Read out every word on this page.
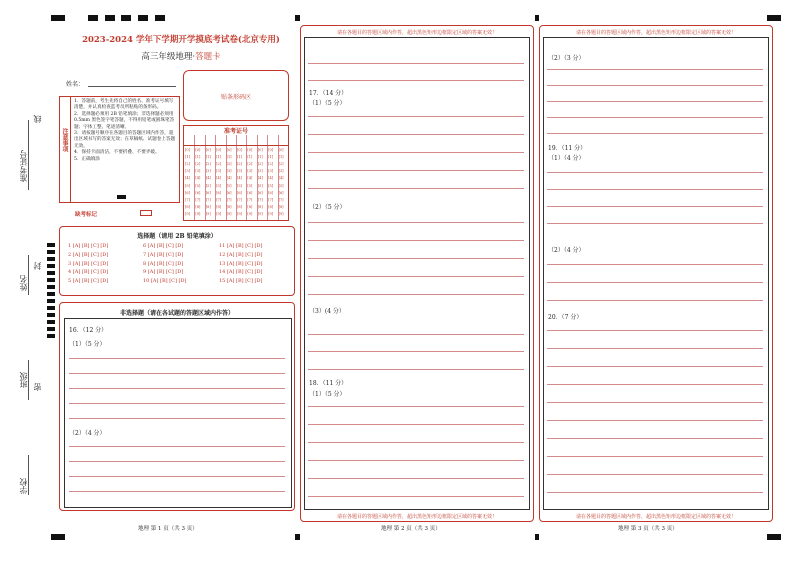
准考证号
姓名
班级
学校
线
封
密
2023-2024 学年下学期开学摸底考试卷(北京专用)
高三年级地理·答题卡
姓名：
贴条形码区
注意事项
1．答题前，考生先将自己的姓名、准考证号填写清楚，并认真检查监考员所粘贴的条形码。
2．选择题必须用 2B 铅笔填涂；非选择题必须用 0.5mm 黑色签字笔答题，不得用铅笔或圆珠笔答题；字体工整、笔迹清晰。
3．请按题号顺序在各题目的答题区域内作答，超出区域书写的答案无效；在草稿纸、试题卷上答题无效。
4．保持卡面清洁，不要折叠、不要弄破。
5．正确填涂
缺考标记
准考证号
[0]
[1]
[2]
[3]
[4]
[5]
[6]
[7]
[8]
[9]
[0]
[1]
[2]
[3]
[4]
[5]
[6]
[7]
[8]
[9]
[0]
[1]
[2]
[3]
[4]
[5]
[6]
[7]
[8]
[9]
[0]
[1]
[2]
[3]
[4]
[5]
[6]
[7]
[8]
[9]
[0]
[1]
[2]
[3]
[4]
[5]
[6]
[7]
[8]
[9]
[0]
[1]
[2]
[3]
[4]
[5]
[6]
[7]
[8]
[9]
[0]
[1]
[2]
[3]
[4]
[5]
[6]
[7]
[8]
[9]
[0]
[1]
[2]
[3]
[4]
[5]
[6]
[7]
[8]
[9]
[0]
[1]
[2]
[3]
[4]
[5]
[6]
[7]
[8]
[9]
[0]
[1]
[2]
[3]
[4]
[5]
[6]
[7]
[8]
[9]
选择题（请用 2B 铅笔填涂）
1 [A] [B] [C] [D]
2 [A] [B] [C] [D]
3 [A] [B] [C] [D]
4 [A] [B] [C] [D]
5 [A] [B] [C] [D]
6 [A] [B] [C] [D]
7 [A] [B] [C] [D]
8 [A] [B] [C] [D]
9 [A] [B] [C] [D]
10 [A] [B] [C] [D]
11 [A] [B] [C] [D]
12 [A] [B] [C] [D]
13 [A] [B] [C] [D]
14 [A] [B] [C] [D]
15 [A] [B] [C] [D]
非选择题（请在各试题的答题区域内作答）
16．（12 分）
（1）（5 分）
（2）（4 分）
地理 第 1 页（共 3 页）
请在各题目的答题区域内作答，超出黑色矩形边框限定区域的答案无效！
请在各题目的答题区域内作答，超出黑色矩形边框限定区域的答案无效！
17．（14 分）
（1）（5 分）
（2）（5 分）
（3）(4 分）
18．（11 分）
（1）（5 分）
地理 第 2 页（共 3 页）
请在各题目的答题区域内作答，超出黑色矩形边框限定区域的答案无效！
请在各题目的答题区域内作答，超出黑色矩形边框限定区域的答案无效！
（2）（3 分）
19．（11 分）
（1）（4 分）
（2）（4 分）
20．（7 分）
地理 第 3 页（共 3 页）
